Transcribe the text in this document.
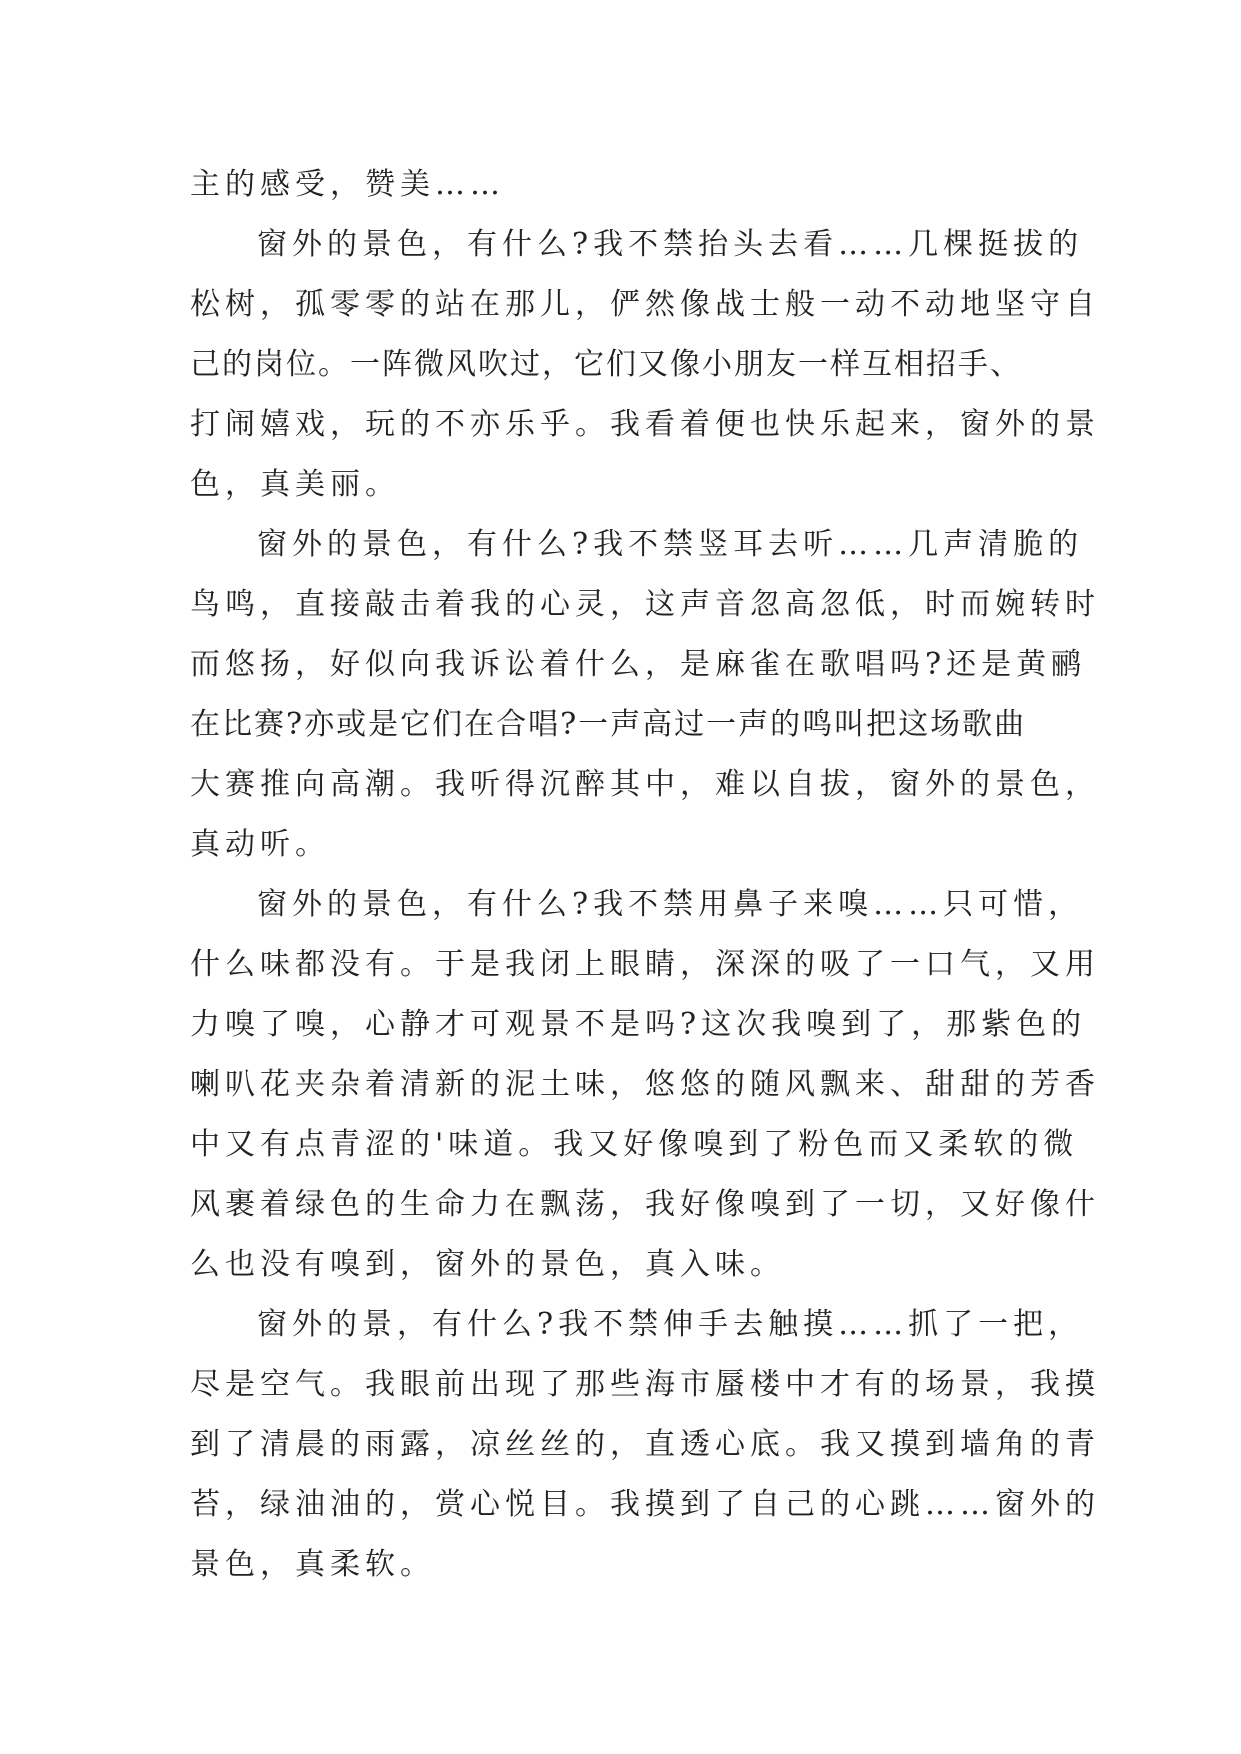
主的感受，赞美……
窗外的景色，有什么?我不禁抬头去看……几棵挺拔的
松树，孤零零的站在那儿，俨然像战士般一动不动地坚守自
己的岗位。一阵微风吹过，它们又像小朋友一样互相招手、
打闹嬉戏，玩的不亦乐乎。我看着便也快乐起来，窗外的景
色，真美丽。
窗外的景色，有什么?我不禁竖耳去听……几声清脆的
鸟鸣，直接敲击着我的心灵，这声音忽高忽低，时而婉转时
而悠扬，好似向我诉讼着什么，是麻雀在歌唱吗?还是黄鹂
在比赛?亦或是它们在合唱?一声高过一声的鸣叫把这场歌曲
大赛推向高潮。我听得沉醉其中，难以自拔，窗外的景色，
真动听。
窗外的景色，有什么?我不禁用鼻子来嗅……只可惜，
什么味都没有。于是我闭上眼睛，深深的吸了一口气，又用
力嗅了嗅，心静才可观景不是吗?这次我嗅到了，那紫色的
喇叭花夹杂着清新的泥土味，悠悠的随风飘来、甜甜的芳香
中又有点青涩的'味道。我又好像嗅到了粉色而又柔软的微
风裹着绿色的生命力在飘荡，我好像嗅到了一切，又好像什
么也没有嗅到，窗外的景色，真入味。
窗外的景，有什么?我不禁伸手去触摸……抓了一把，
尽是空气。我眼前出现了那些海市蜃楼中才有的场景，我摸
到了清晨的雨露，凉丝丝的，直透心底。我又摸到墙角的青
苔，绿油油的，赏心悦目。我摸到了自己的心跳……窗外的
景色，真柔软。
